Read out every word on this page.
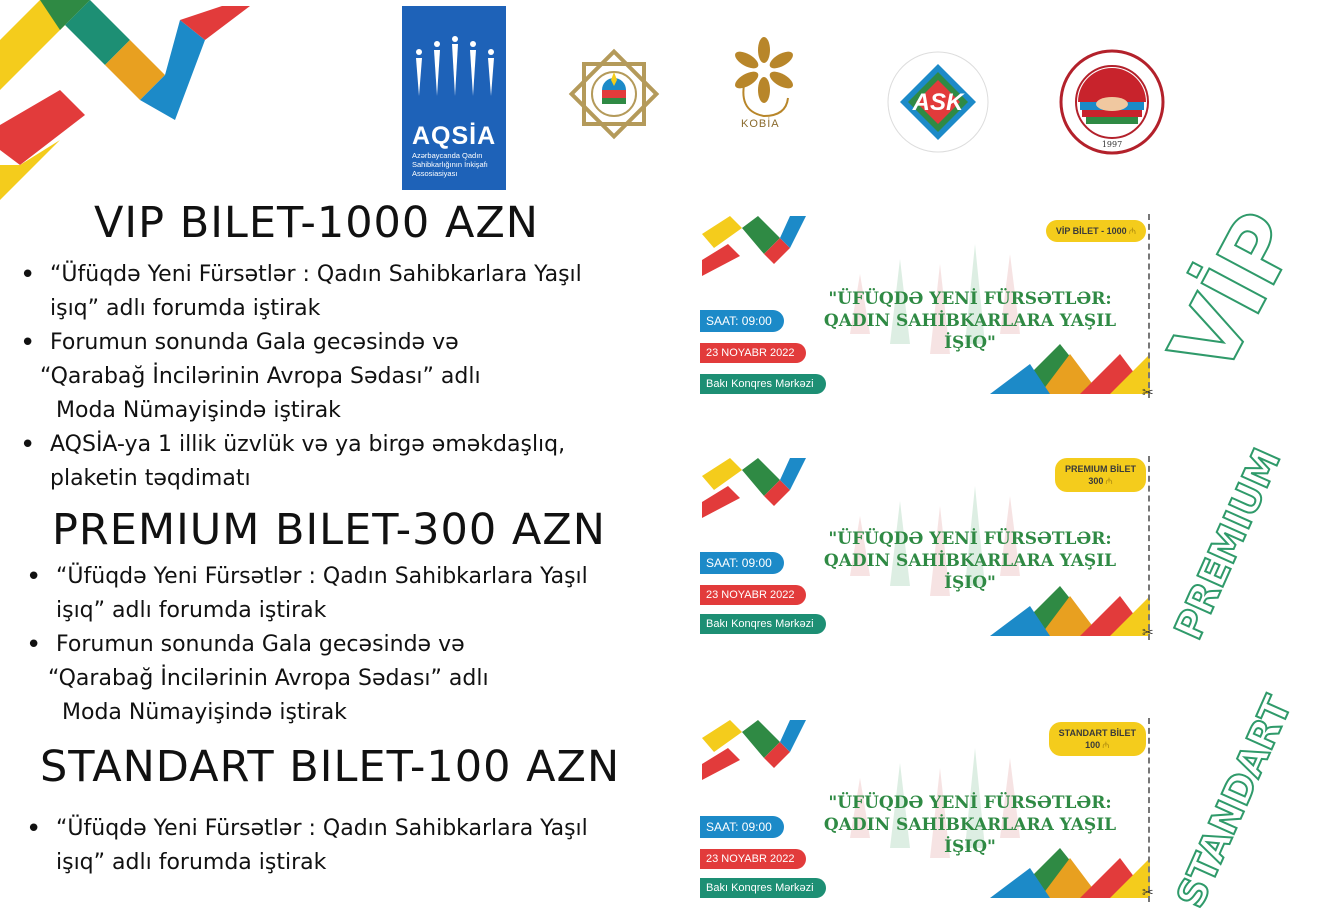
AQSİA
Azərbaycanda Qadın Sahibkarlığının İnkişafı Assosiasiyası
KOBİA
ASK
1997
VIP BILET-1000 AZN
• “Üfüqdə Yeni Fürsətlər : Qadın Sahibkarlara Yaşıl
işıq” adlı forumda iştirak
• Forumun sonunda Gala gecəsində və
“Qarabağ İncilərinin Avropa Sədası” adlı
Moda Nümayişində iştirak
• AQSİA-ya 1 illik üzvlük və ya birgə əməkdaşlıq,
plaketin təqdimatı
PREMIUM BILET-300 AZN
• “Üfüqdə Yeni Fürsətlər : Qadın Sahibkarlara Yaşıl
işıq” adlı forumda iştirak
• Forumun sonunda Gala gecəsində və
“Qarabağ İncilərinin Avropa Sədası” adlı
Moda Nümayişində iştirak
STANDART BILET-100 AZN
• “Üfüqdə Yeni Fürsətlər : Qadın Sahibkarlara Yaşıl
işıq” adlı forumda iştirak
✂
VİP BİLET - 1000 ₼
"ÜFÜQDƏ YENİ FÜRSƏTLƏR:
QADIN SAHİBKARLARA YAŞIL İŞIQ"
SAAT: 09:00
23 NOYABR 2022
Bakı Konqres Mərkəzi	VİP
✂
PREMIUM BİLET
300 ₼
"ÜFÜQDƏ YENİ FÜRSƏTLƏR:
QADIN SAHİBKARLARA YAŞIL İŞIQ"
SAAT: 09:00
23 NOYABR 2022
Bakı Konqres Mərkəzi	PREMIUM
✂
STANDART BİLET
100 ₼
"ÜFÜQDƏ YENİ FÜRSƏTLƏR:
QADIN SAHİBKARLARA YAŞIL İŞIQ"
SAAT: 09:00
23 NOYABR 2022
Bakı Konqres Mərkəzi	STANDART
